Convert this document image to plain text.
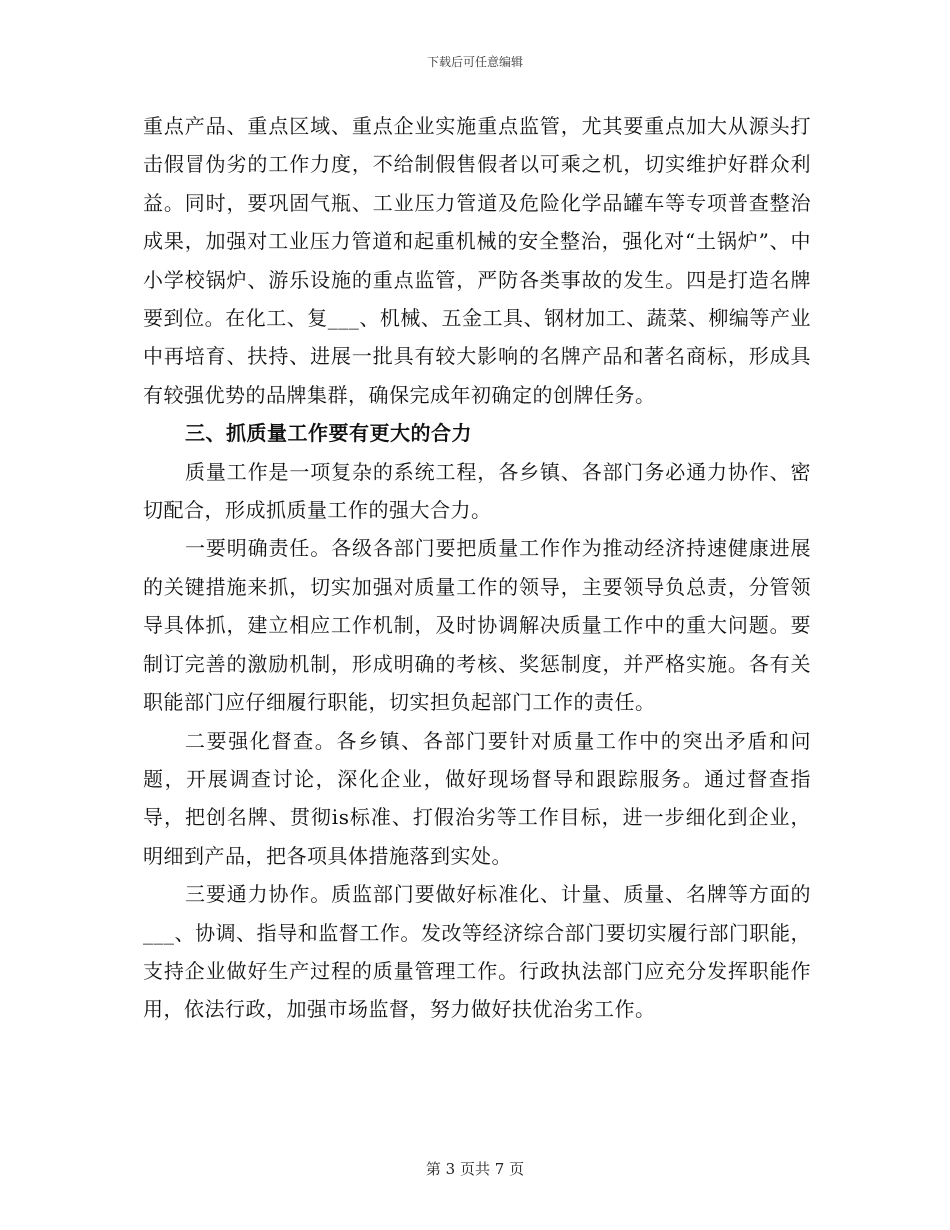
下载后可任意编辑

重点产品、重点区域、重点企业实施重点监管，尤其要重点加大从源头打击假冒伪劣的工作力度，不给制假售假者以可乘之机，切实维护好群众利益。同时，要巩固气瓶、工业压力管道及危险化学品罐车等专项普查整治成果，加强对工业压力管道和起重机械的安全整治，强化对“土锅炉”、中小学校锅炉、游乐设施的重点监管，严防各类事故的发生。四是打造名牌要到位。在化工、复___、机械、五金工具、钢材加工、蔬菜、柳编等产业中再培育、扶持、进展一批具有较大影响的名牌产品和著名商标，形成具有较强优势的品牌集群，确保完成年初确定的创牌任务。

三、抓质量工作要有更大的合力

质量工作是一项复杂的系统工程，各乡镇、各部门务必通力协作、密切配合，形成抓质量工作的强大合力。

一要明确责任。各级各部门要把质量工作作为推动经济持速健康进展的关键措施来抓，切实加强对质量工作的领导，主要领导负总责，分管领导具体抓，建立相应工作机制，及时协调解决质量工作中的重大问题。要制订完善的激励机制，形成明确的考核、奖惩制度，并严格实施。各有关职能部门应仔细履行职能，切实担负起部门工作的责任。

二要强化督查。各乡镇、各部门要针对质量工作中的突出矛盾和问题，开展调查讨论，深化企业，做好现场督导和跟踪服务。通过督查指导，把创名牌、贯彻is标准、打假治劣等工作目标，进一步细化到企业，明细到产品，把各项具体措施落到实处。

三要通力协作。质监部门要做好标准化、计量、质量、名牌等方面的___、协调、指导和监督工作。发改等经济综合部门要切实履行部门职能，支持企业做好生产过程的质量管理工作。行政执法部门应充分发挥职能作用，依法行政，加强市场监督，努力做好扶优治劣工作。

第 3 页共 7 页
